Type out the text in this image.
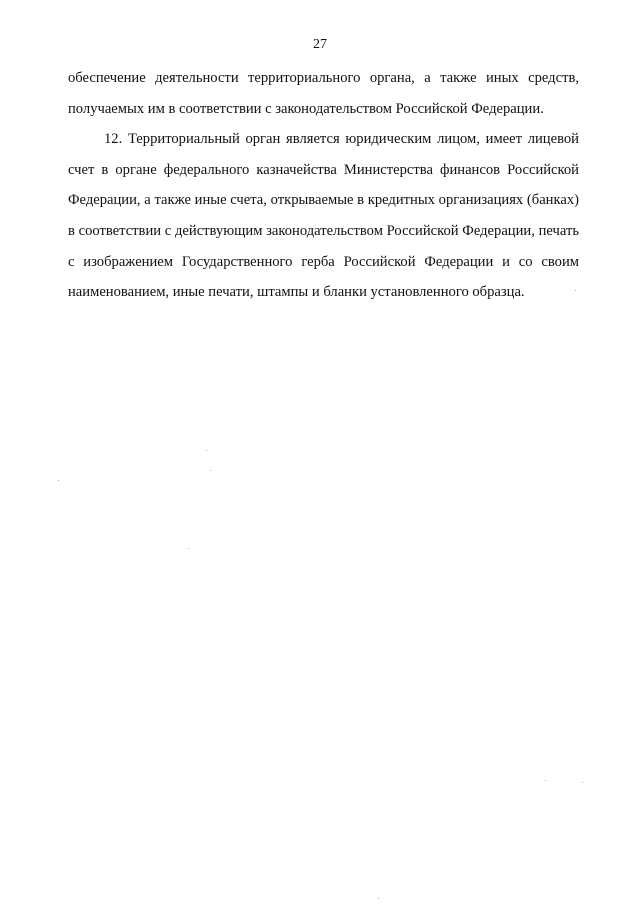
27

обеспечение деятельности территориального органа, а также иных средств, получаемых им в соответствии с законодательством Российской Федерации.

12. Территориальный орган является юридическим лицом, имеет лицевой счет в органе федерального казначейства Министерства финансов Российской Федерации, а также иные счета, открываемые в кредитных организациях (банках) в соответствии с действующим законодательством Российской Федерации, печать с изображением Государственного герба Российской Федерации и со своим наименованием, иные печати, штампы и бланки установленного образца.
